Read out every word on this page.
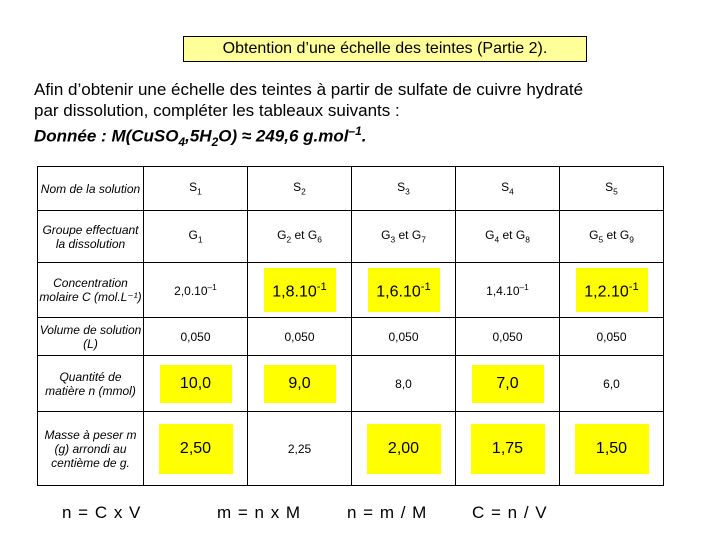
Obtention d’une échelle des teintes (Partie 2).
Afin d’obtenir une échelle des teintes à partir de sulfate de cuivre hydraté
par dissolution, compléter les tableaux suivants :
Donnée : $M(CuSO_4,5H_2O) \approx 249,6$ g.mol$^{-1}$.
Nom de la solution	$S_1$	$S_2$	$S_3$	$S_4$	$S_5$
Groupe effectuant la dissolution	$G_1$	$G_2$ et $G_6$	$G_3$ et $G_7$	$G_4$ et $G_8$	$G_5$ et $G_9$
Concentration molaire C (mol.L⁻¹)	$2,0.10^{-1}$	$1,8.10^{-1}$	$1,6.10^{-1}$	$1,4.10^{-1}$	$1,2.10^{-1}$
Volume de solution (L)	0,050	0,050	0,050	0,050	0,050
Quantité de matière n (mmol)	10,0	9,0	8,0	7,0	6,0
Masse à peser m (g) arrondi au centième de g.	2,50	2,25	2,00	1,75	1,50
n = C x V	m = n x M	n = m / M	C = n / V
